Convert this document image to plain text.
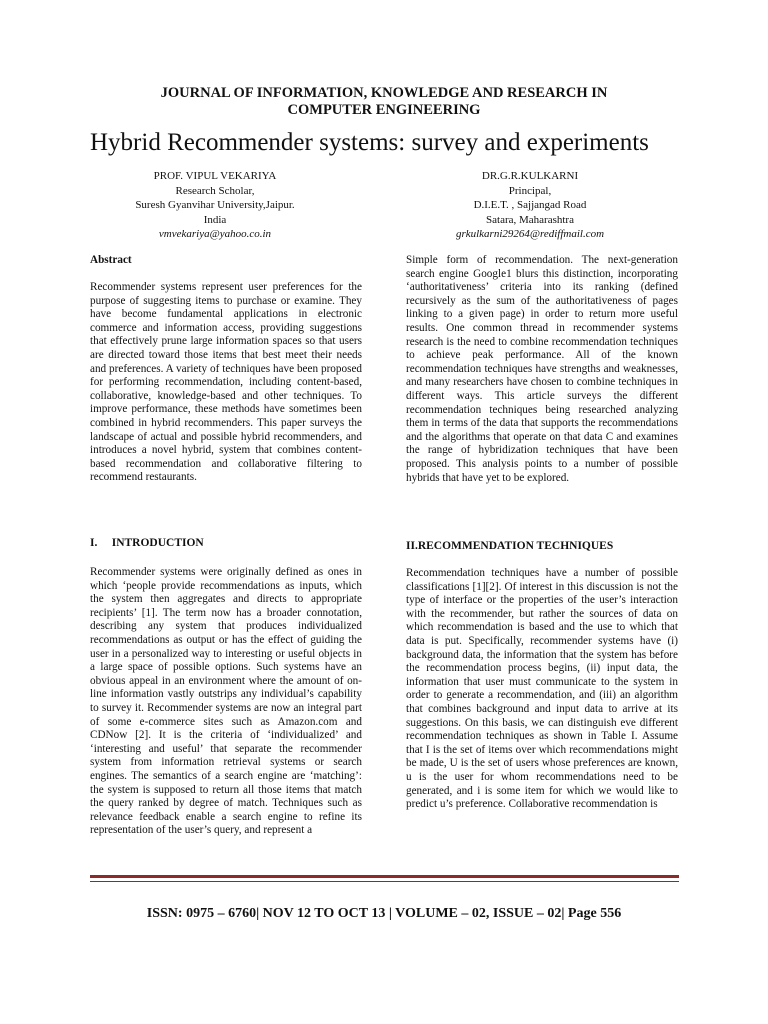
JOURNAL OF INFORMATION, KNOWLEDGE AND RESEARCH IN
COMPUTER ENGINEERING
Hybrid Recommender systems: survey and experiments
PROF. VIPUL VEKARIYA
Research Scholar,
Suresh Gyanvihar University,Jaipur.
India
vmvekariya@yahoo.co.in
DR.G.R.KULKARNI
Principal,
D.I.E.T. , Sajjangad Road
Satara, Maharashtra
grkulkarni29264@rediffmail.com
Abstract
Recommender systems represent user preferences for the purpose of suggesting items to purchase or examine. They have become fundamental applications in electronic commerce and information access, providing suggestions that effectively prune large information spaces so that users are directed toward those items that best meet their needs and preferences. A variety of techniques have been proposed for performing recommendation, including content-based, collaborative, knowledge-based and other techniques. To improve performance, these methods have sometimes been combined in hybrid recommenders. This paper surveys the landscape of actual and possible hybrid recommenders, and introduces a novel hybrid, system that combines content-based recommendation and collaborative filtering to recommend restaurants.
Simple form of recommendation. The next-generation search engine Google1 blurs this distinction, incorporating ‘authoritativeness’ criteria into its ranking (defined recursively as the sum of the authoritativeness of pages linking to a given page) in order to return more useful results. One common thread in recommender systems research is the need to combine recommendation techniques to achieve peak performance. All of the known recommendation techniques have strengths and weaknesses, and many researchers have chosen to combine techniques in different ways. This article surveys the different recommendation techniques being researched analyzing them in terms of the data that supports the recommendations and the algorithms that operate on that data C and examines the range of hybridization techniques that have been proposed. This analysis points to a number of possible hybrids that have yet to be explored.
I.     INTRODUCTION
Recommender systems were originally defined as ones in which ‘people provide recommendations as inputs, which the system then aggregates and directs to appropriate recipients’ [1]. The term now has a broader connotation, describing any system that produces individualized recommendations as output or has the effect of guiding the user in a personalized way to interesting or useful objects in a large space of possible options. Such systems have an obvious appeal in an environment where the amount of on-line information vastly outstrips any individual’s capability to survey it. Recommender systems are now an integral part of some e-commerce sites such as Amazon.com and CDNow [2]. It is the criteria of ‘individualized’ and ‘interesting and useful’ that separate the recommender system from information retrieval systems or search engines. The semantics of a search engine are ‘matching’: the system is supposed to return all those items that match the query ranked by degree of match. Techniques such as relevance feedback enable a search engine to refine its representation of the user’s query, and represent a
II.RECOMMENDATION TECHNIQUES
Recommendation techniques have a number of possible classifications [1][2]. Of interest in this discussion is not the type of interface or the properties of the user’s interaction with the recommender, but rather the sources of data on which recommendation is based and the use to which that data is put. Specifically, recommender systems have (i) background data, the information that the system has before the recommendation process begins, (ii) input data, the information that user must communicate to the system in order to generate a recommendation, and (iii) an algorithm that combines background and input data to arrive at its suggestions. On this basis, we can distinguish eve different recommendation techniques as shown in Table I. Assume that I is the set of items over which recommendations might be made, U is the set of users whose preferences are known, u is the user for whom recommendations need to be generated, and i is some item for which we would like to predict u’s preference. Collaborative recommendation is
ISSN: 0975 – 6760| NOV 12 TO OCT 13 | VOLUME – 02, ISSUE – 02| Page 556
